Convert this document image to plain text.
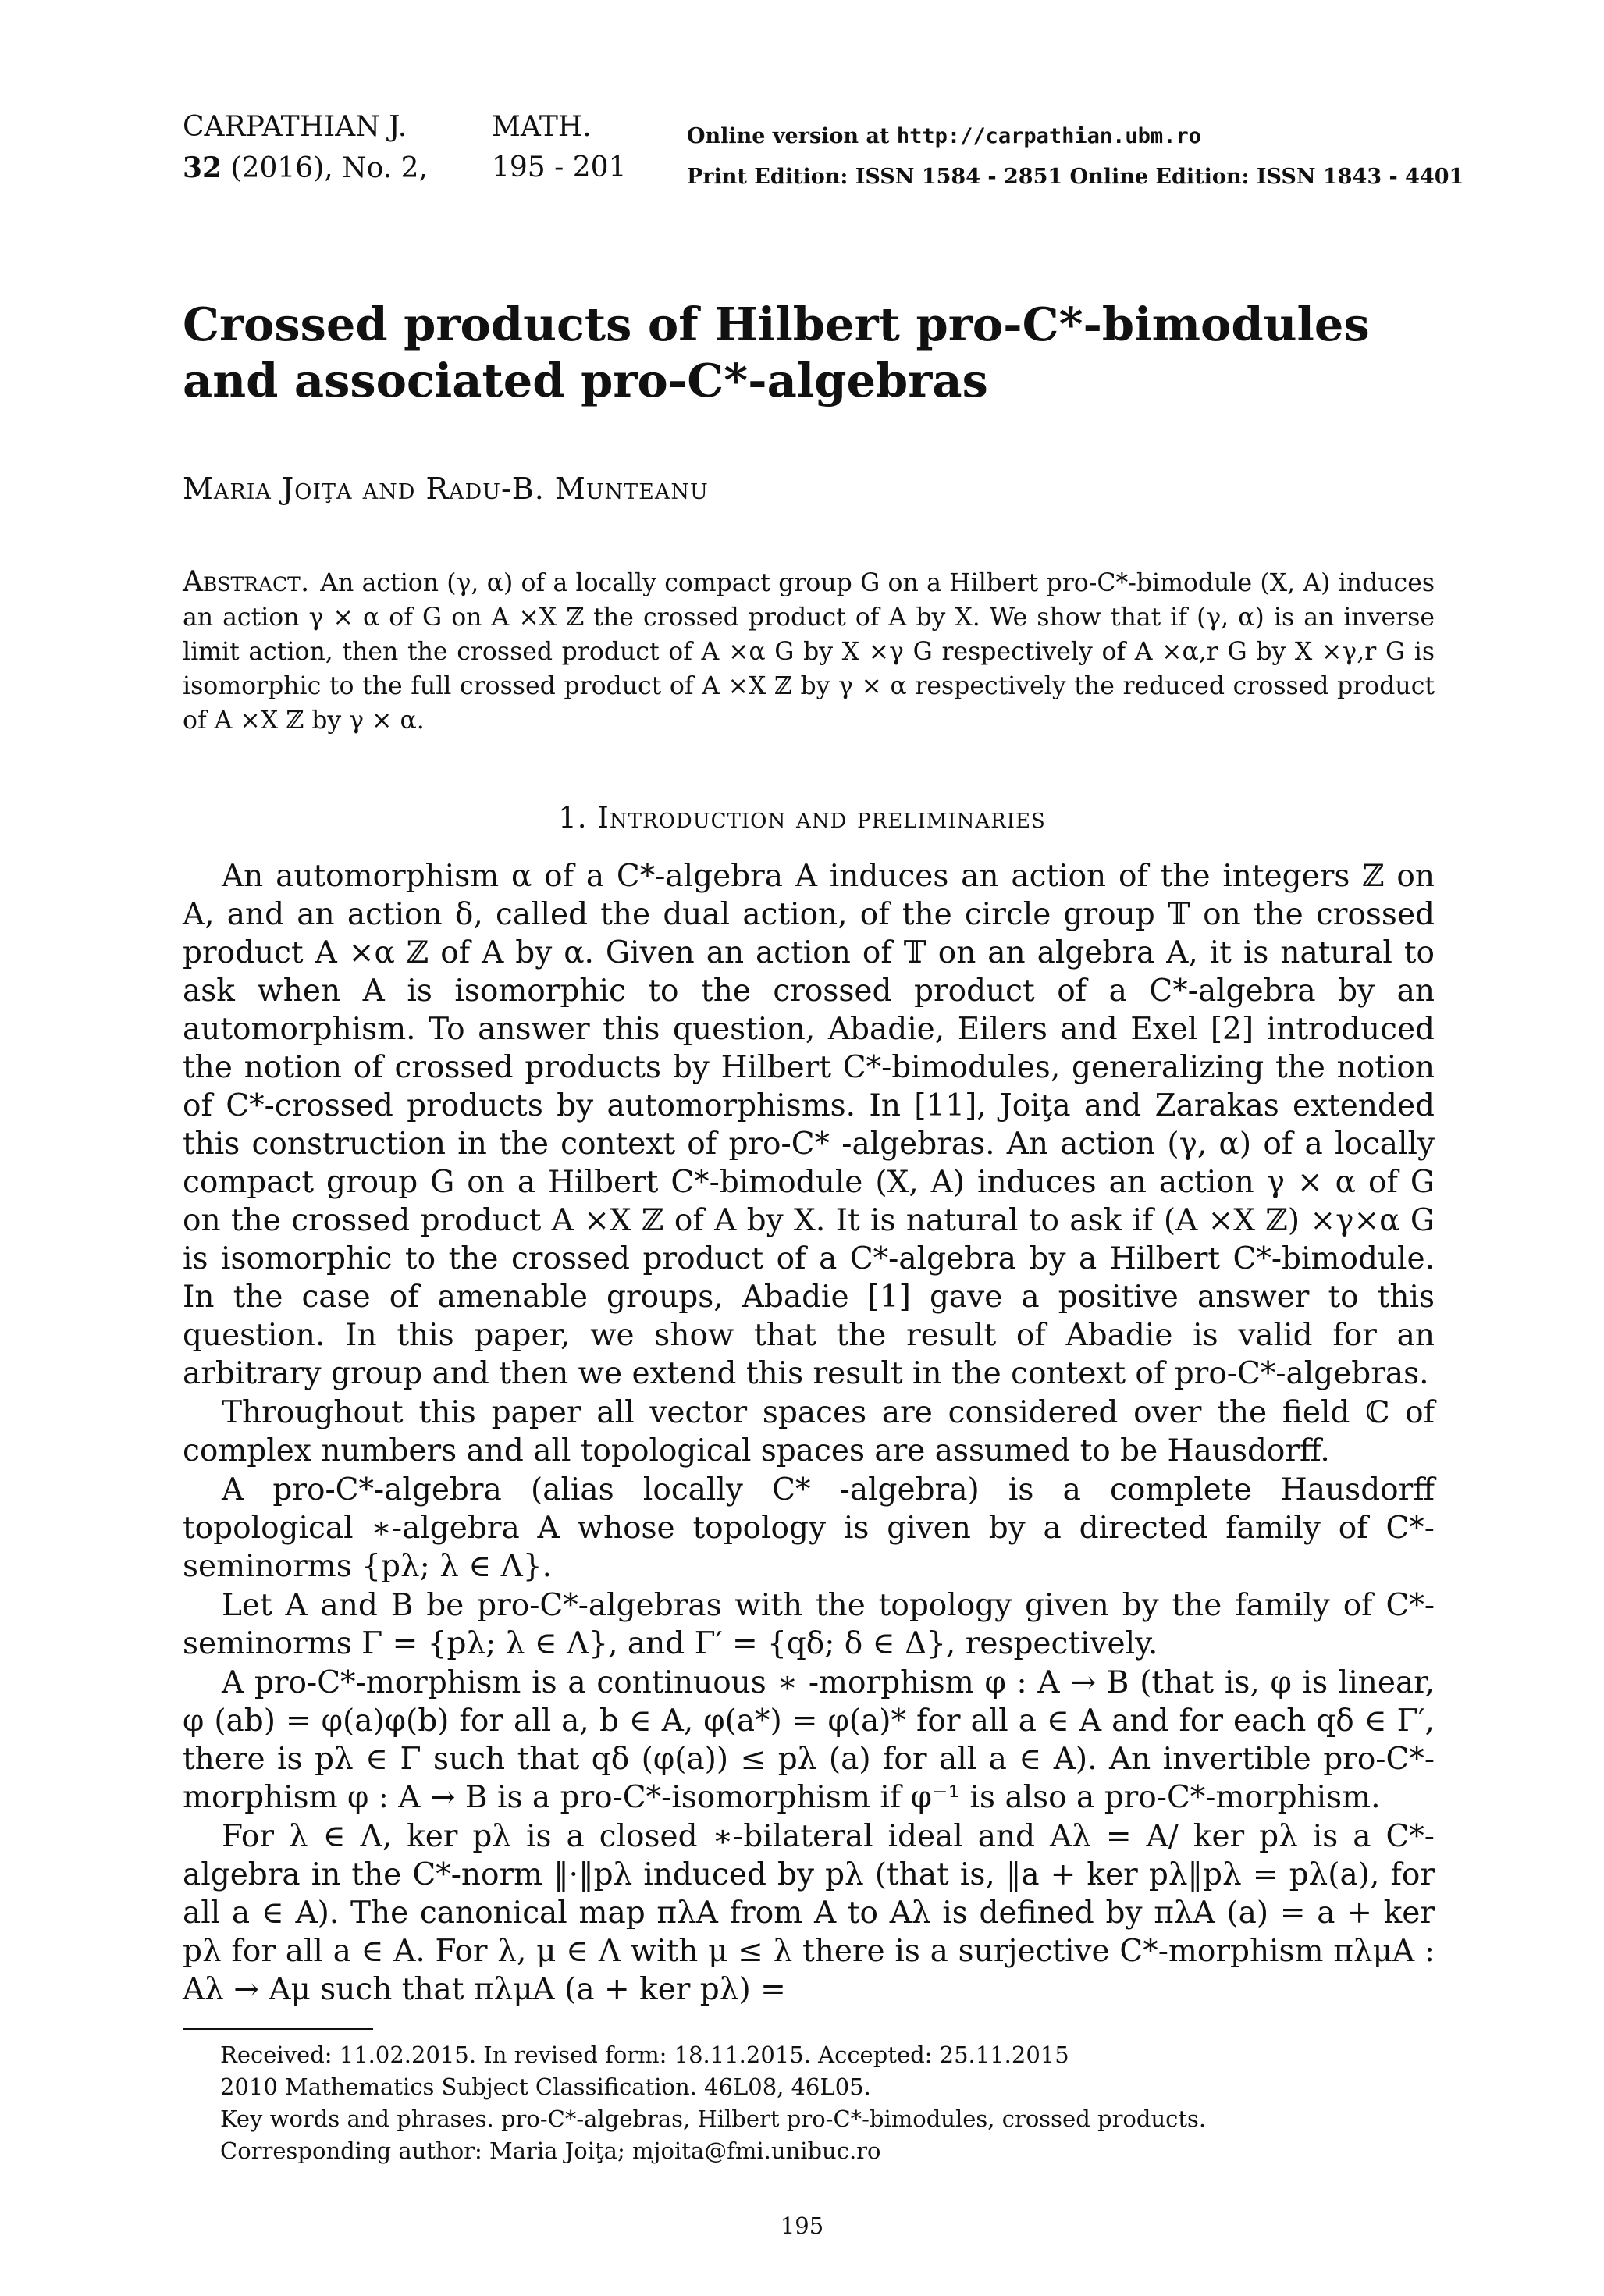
CARPATHIAN J.	MATH.	Online version at http://carpathian.ubm.ro
32 (2016), No. 2, 195 - 201	Print Edition: ISSN 1584 - 2851 Online Edition: ISSN 1843 - 4401
Crossed products of Hilbert pro-C*-bimodules and associated pro-C*-algebras
Maria Joiţa and Radu-B. Munteanu
Abstract. An action (γ, α) of a locally compact group G on a Hilbert pro-C*-bimodule (X, A) induces an action γ × α of G on A ×X ℤ the crossed product of A by X. We show that if (γ, α) is an inverse limit action, then the crossed product of A ×α G by X ×γ G respectively of A ×α,r G by X ×γ,r G is isomorphic to the full crossed product of A ×X ℤ by γ × α respectively the reduced crossed product of A ×X ℤ by γ × α.
1. Introduction and preliminaries

An automorphism α of a C*-algebra A induces an action of the integers ℤ on A, and an action δ, called the dual action, of the circle group 𝕋 on the crossed product A ×α ℤ of A by α. Given an action of 𝕋 on an algebra A, it is natural to ask when A is isomorphic to the crossed product of a C*-algebra by an automorphism. To answer this question, Abadie, Eilers and Exel [2] introduced the notion of crossed products by Hilbert C*-bimodules, generalizing the notion of C*-crossed products by automorphisms. In [11], Joiţa and Zarakas extended this construction in the context of pro-C* -algebras. An action (γ, α) of a locally compact group G on a Hilbert C*-bimodule (X, A) induces an action γ × α of G on the crossed product A ×X ℤ of A by X. It is natural to ask if (A ×X ℤ) ×γ×α G is isomorphic to the crossed product of a C*-algebra by a Hilbert C*-bimodule. In the case of amenable groups, Abadie [1] gave a positive answer to this question. In this paper, we show that the result of Abadie is valid for an arbitrary group and then we extend this result in the context of pro-C*-algebras.

Throughout this paper all vector spaces are considered over the field ℂ of complex numbers and all topological spaces are assumed to be Hausdorff.

A pro-C*-algebra (alias locally C* -algebra) is a complete Hausdorff topological ∗-algebra A whose topology is given by a directed family of C*-seminorms {pλ; λ ∈ Λ}.

Let A and B be pro-C*-algebras with the topology given by the family of C*-seminorms Γ = {pλ; λ ∈ Λ}, and Γ′ = {qδ; δ ∈ Δ}, respectively.

A pro-C*-morphism is a continuous ∗ -morphism φ : A → B (that is, φ is linear, φ (ab) = φ(a)φ(b) for all a, b ∈ A, φ(a*) = φ(a)* for all a ∈ A and for each qδ ∈ Γ′, there is pλ ∈ Γ such that qδ (φ(a)) ≤ pλ (a) for all a ∈ A). An invertible pro-C*-morphism φ : A → B is a pro-C*-isomorphism if φ⁻¹ is also a pro-C*-morphism.

For λ ∈ Λ, ker pλ is a closed ∗-bilateral ideal and Aλ = A/ ker pλ is a C*-algebra in the C*-norm ‖·‖pλ induced by pλ (that is, ‖a + ker pλ‖pλ = pλ(a), for all a ∈ A). The canonical map πλA from A to Aλ is defined by πλA (a) = a + ker pλ for all a ∈ A. For λ, μ ∈ Λ with μ ≤ λ there is a surjective C*-morphism πλμA : Aλ → Aμ such that πλμA (a + ker pλ) =

Received: 11.02.2015. In revised form: 18.11.2015. Accepted: 25.11.2015
2010 Mathematics Subject Classification. 46L08, 46L05.
Key words and phrases. pro-C*-algebras, Hilbert pro-C*-bimodules, crossed products.
Corresponding author: Maria Joiţa; mjoita@fmi.unibuc.ro
195
